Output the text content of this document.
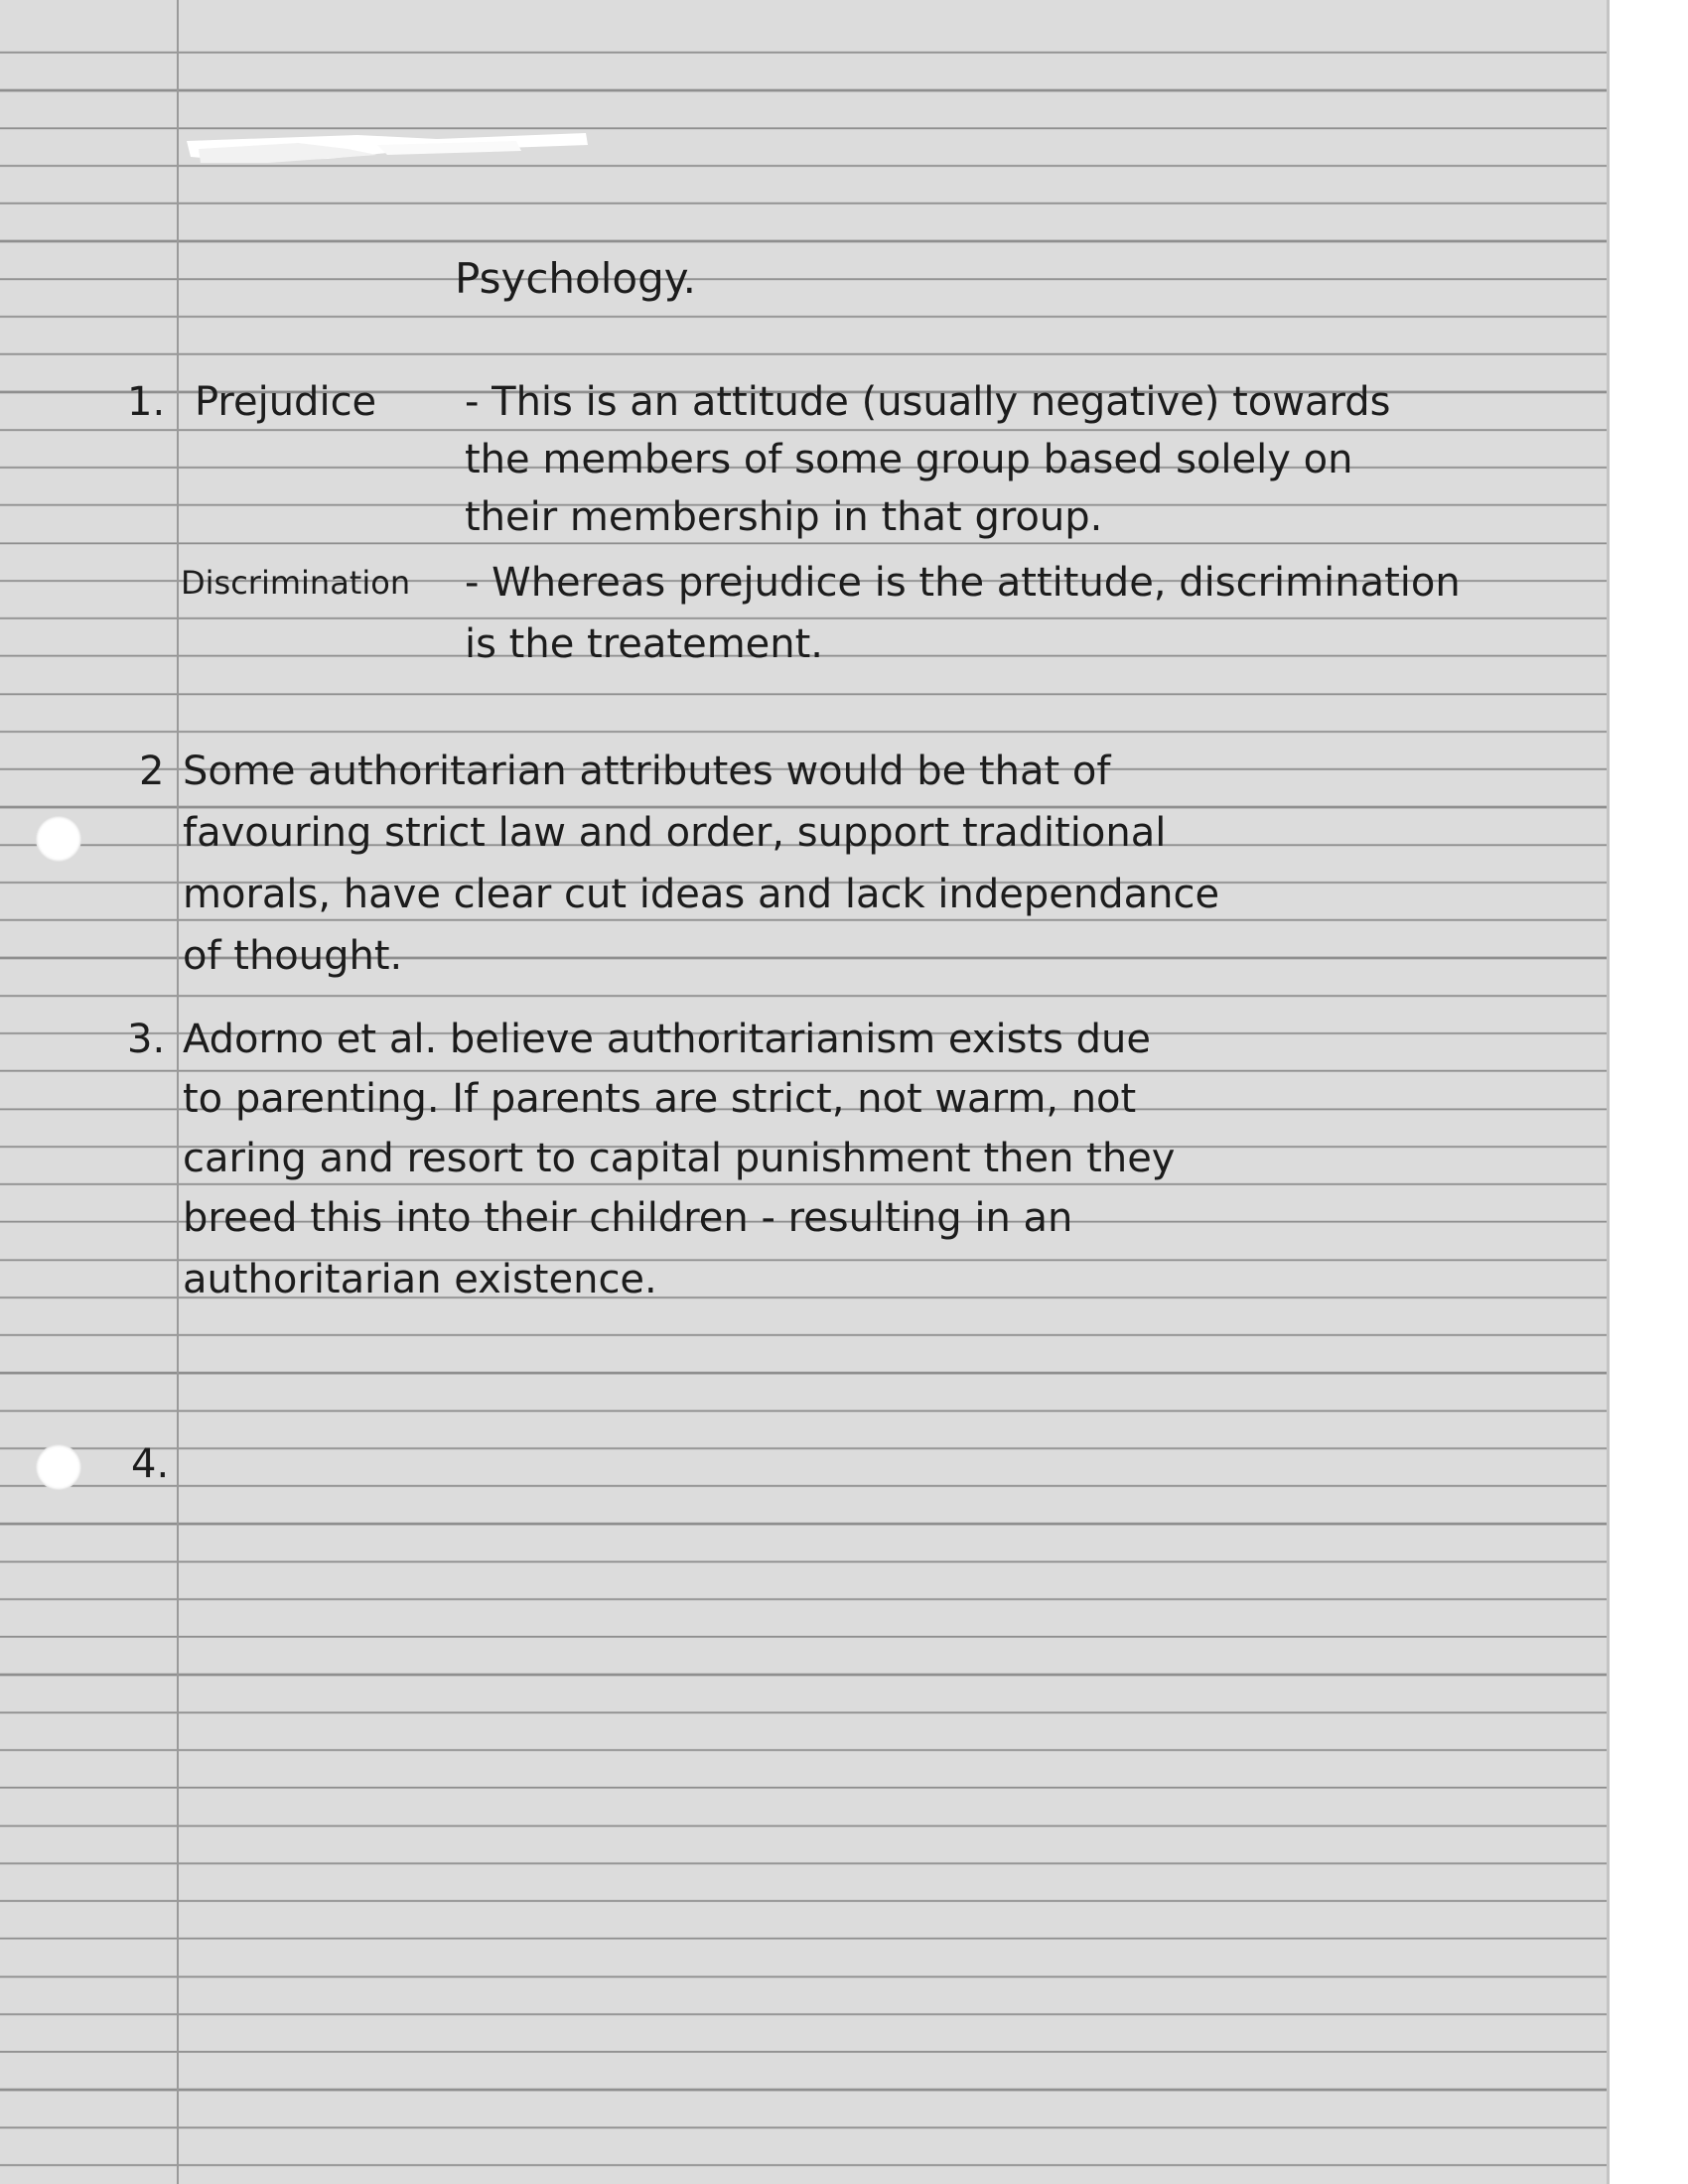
Psychology.

1. Prejudice - This is an attitude (usually negative) towards

the members of some group based solely on

their membership in that group.

Discrimination - Whereas prejudice is the attitude, discrimination

is the treatement.

2 Some authoritarian attributes would be that of

favouring strict law and order, support traditional

morals, have clear cut ideas and lack independance

of thought.

3. Adorno et al. believe authoritarianism exists due

to parenting. If parents are strict, not warm, not

caring and resort to capital punishment then they

breed this into their children - resulting in an

authoritarian existence.

4.
